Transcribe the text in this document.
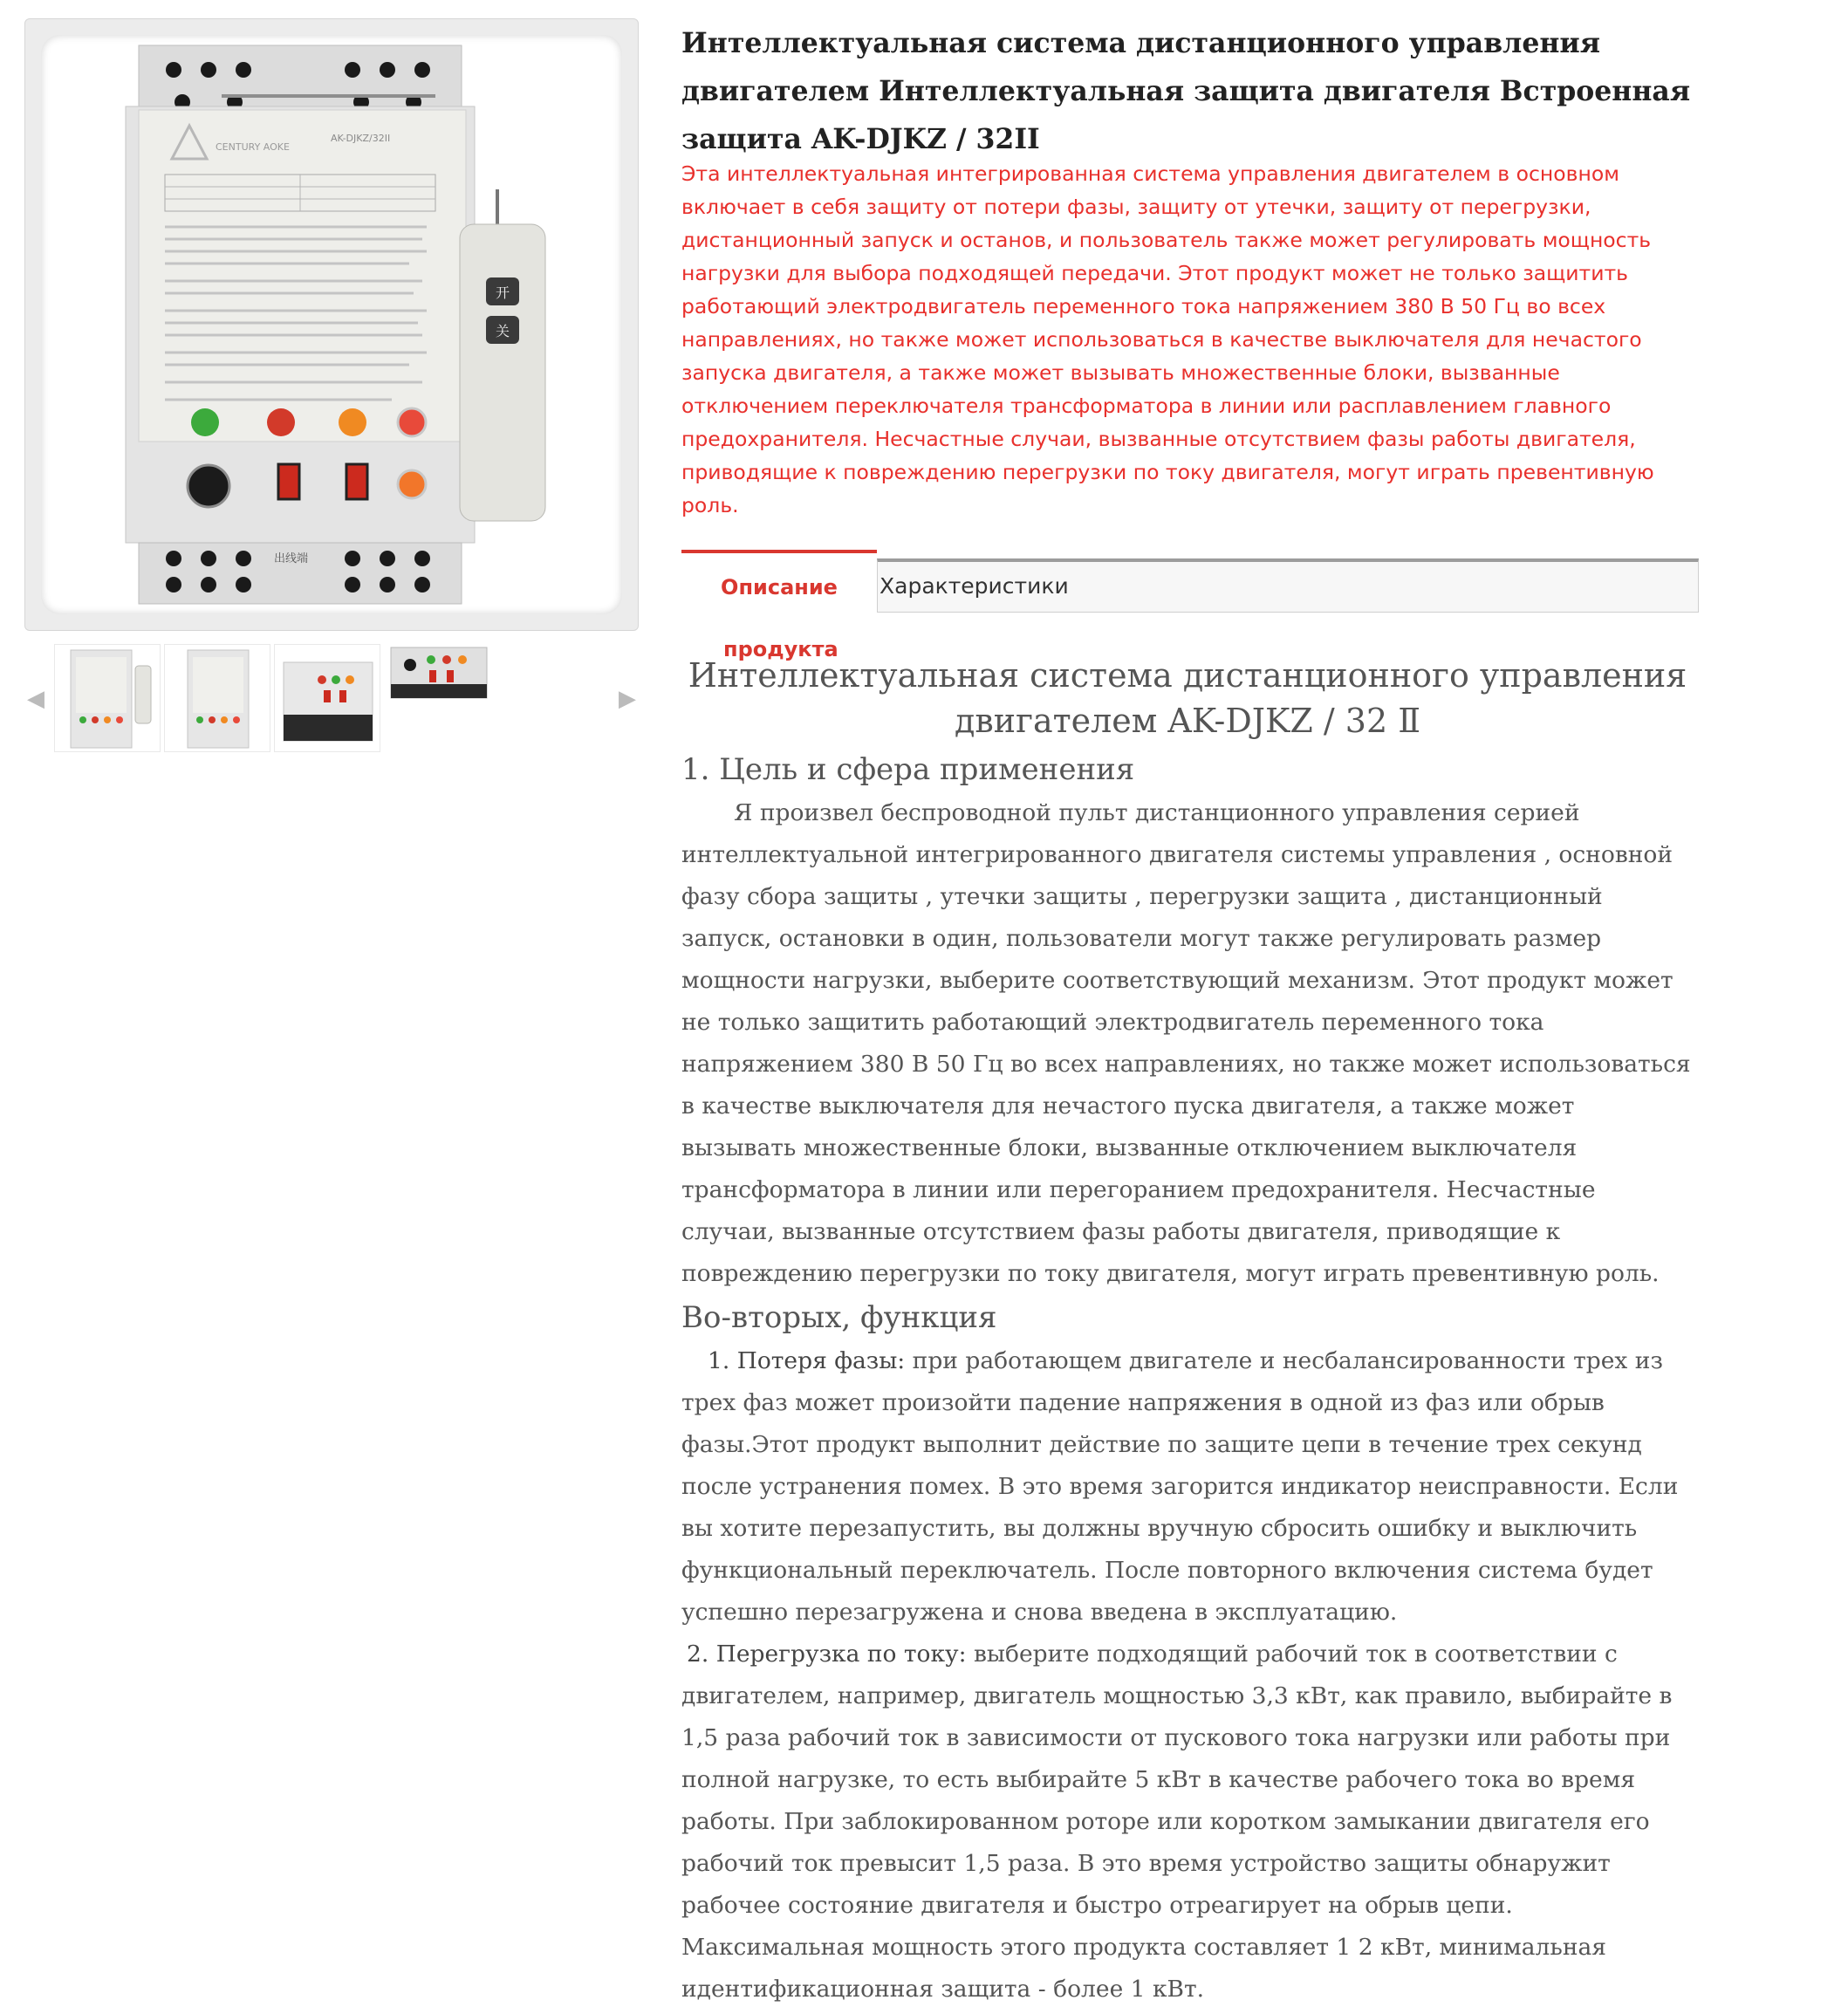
CENTURY AOKE
AK-DJKZ/32II
出线端
开
关
◀	▶
Интеллектуальная система дистанционного управления двигателем Интеллектуальная защита двигателя Встроенная защита AK-DJKZ / 32II
Эта интеллектуальная интегрированная система управления двигателем в основном включает в себя защиту от потери фазы, защиту от утечки, защиту от перегрузки, дистанционный запуск и останов, и пользователь также может регулировать мощность нагрузки для выбора подходящей передачи. Этот продукт может не только защитить работающий электродвигатель переменного тока напряжением 380 В 50 Гц во всех направлениях, но также может использоваться в качестве выключателя для нечастого запуска двигателя, а также может вызывать множественные блоки, вызванные отключением переключателя трансформатора в линии или расплавлением главного предохранителя. Несчастные случаи, вызванные отсутствием фазы работы двигателя, приводящие к повреждению перегрузки по току двигателя, могут играть превентивную роль.
Описание
продукта
Характеристики
Интеллектуальная система дистанционного управления
двигателем AK-DJKZ / 32 Ⅱ
1. Цель и сфера применения

Я произвел беспроводной пульт дистанционного управления серией интеллектуальной интегрированного двигателя системы управления , основной фазу сбора защиты , утечки защиты , перегрузки защита , дистанционный запуск, остановки в один, пользователи могут также регулировать размер мощности нагрузки, выберите соответствующий механизм. Этот продукт может не только защитить работающий электродвигатель переменного тока напряжением 380 В 50 Гц во всех направлениях, но также может использоваться в качестве выключателя для нечастого пуска двигателя, а также может вызывать множественные блоки, вызванные отключением выключателя трансформатора в линии или перегоранием предохранителя. Несчастные случаи, вызванные отсутствием фазы работы двигателя, приводящие к повреждению перегрузки по току двигателя, могут играть превентивную роль.

Во-вторых, функция

1. Потеря фазы: при работающем двигателе и несбалансированности трех из трех фаз может произойти падение напряжения в одной из фаз или обрыв фазы.Этот продукт выполнит действие по защите цепи в течение трех секунд после устранения помех. В это время загорится индикатор неисправности. Если вы хотите перезапустить, вы должны вручную сбросить ошибку и выключить функциональный переключатель. После повторного включения система будет успешно перезагружена и снова введена в эксплуатацию.

2. Перегрузка по току: выберите подходящий рабочий ток в соответствии с двигателем, например, двигатель мощностью 3,3 кВт, как правило, выбирайте в 1,5 раза рабочий ток в зависимости от пускового тока нагрузки или работы при полной нагрузке, то есть выбирайте 5 кВт в качестве рабочего тока во время работы. При заблокированном роторе или коротком замыкании двигателя его рабочий ток превысит 1,5 раза. В это время устройство защиты обнаружит рабочее состояние двигателя и быстро отреагирует на обрыв цепи. Максимальная мощность этого продукта составляет 1 2 кВт, минимальная идентификационная защита - более 1 кВт.
